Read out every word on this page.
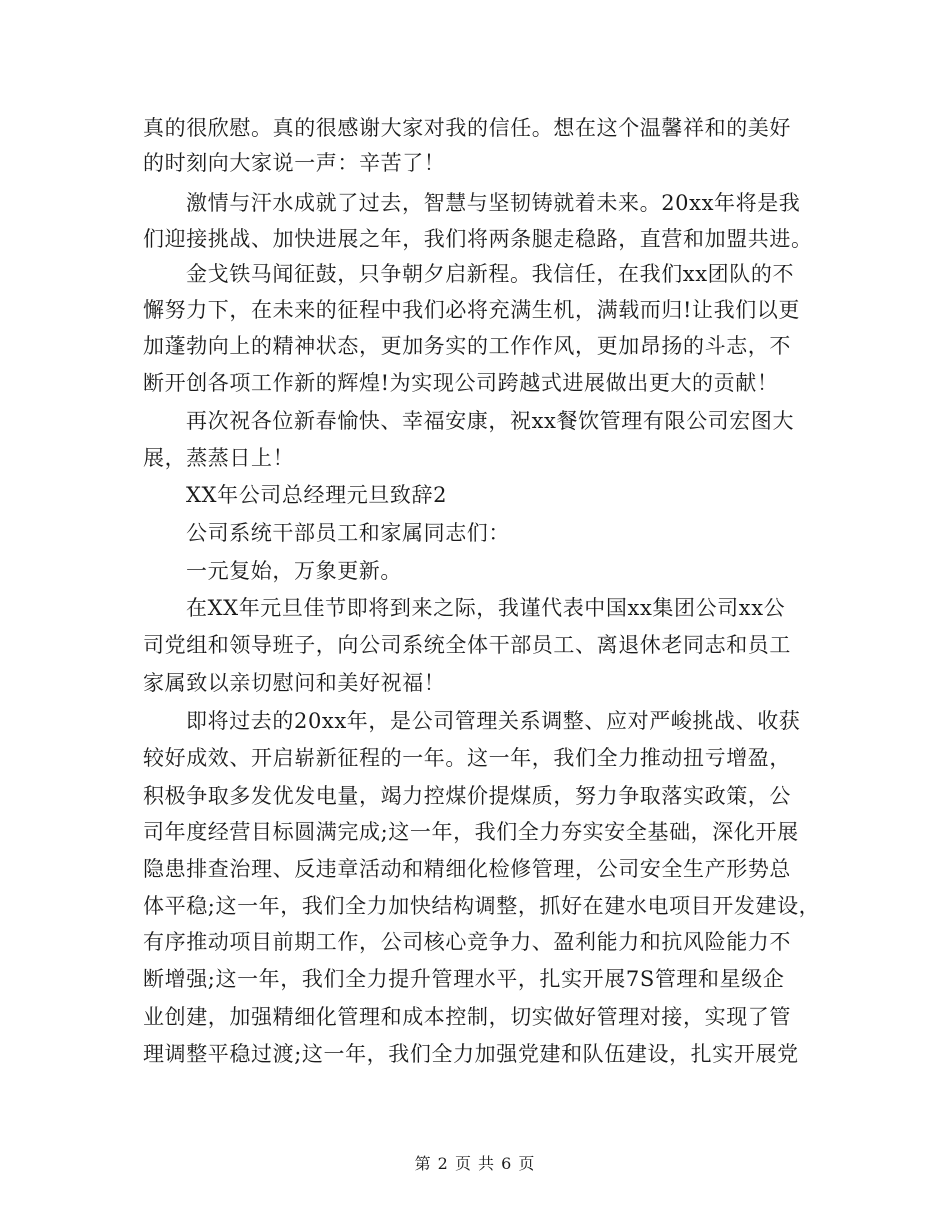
真的很欣慰。真的很感谢大家对我的信任。想在这个温馨祥和的美好
的时刻向大家说一声：辛苦了！
激情与汗水成就了过去，智慧与坚韧铸就着未来。20xx年将是我
们迎接挑战、加快进展之年，我们将两条腿走稳路，直营和加盟共进。
金戈铁马闻征鼓，只争朝夕启新程。我信任，在我们xx团队的不
懈努力下，在未来的征程中我们必将充满生机，满载而归!让我们以更
加蓬勃向上的精神状态，更加务实的工作作风，更加昂扬的斗志，不
断开创各项工作新的辉煌!为实现公司跨越式进展做出更大的贡献！
再次祝各位新春愉快、幸福安康，祝xx餐饮管理有限公司宏图大
展，蒸蒸日上！
XX年公司总经理元旦致辞2
公司系统干部员工和家属同志们：
一元复始，万象更新。
在XX年元旦佳节即将到来之际，我谨代表中国xx集团公司xx公
司党组和领导班子，向公司系统全体干部员工、离退休老同志和员工
家属致以亲切慰问和美好祝福！
即将过去的20xx年，是公司管理关系调整、应对严峻挑战、收获
较好成效、开启崭新征程的一年。这一年，我们全力推动扭亏增盈，
积极争取多发优发电量，竭力控煤价提煤质，努力争取落实政策，公
司年度经营目标圆满完成;这一年，我们全力夯实安全基础，深化开展
隐患排查治理、反违章活动和精细化检修管理，公司安全生产形势总
体平稳;这一年，我们全力加快结构调整，抓好在建水电项目开发建设，
有序推动项目前期工作，公司核心竞争力、盈利能力和抗风险能力不
断增强;这一年，我们全力提升管理水平，扎实开展7S管理和星级企
业创建，加强精细化管理和成本控制，切实做好管理对接，实现了管
理调整平稳过渡;这一年，我们全力加强党建和队伍建设，扎实开展党
第 2 页 共 6 页
